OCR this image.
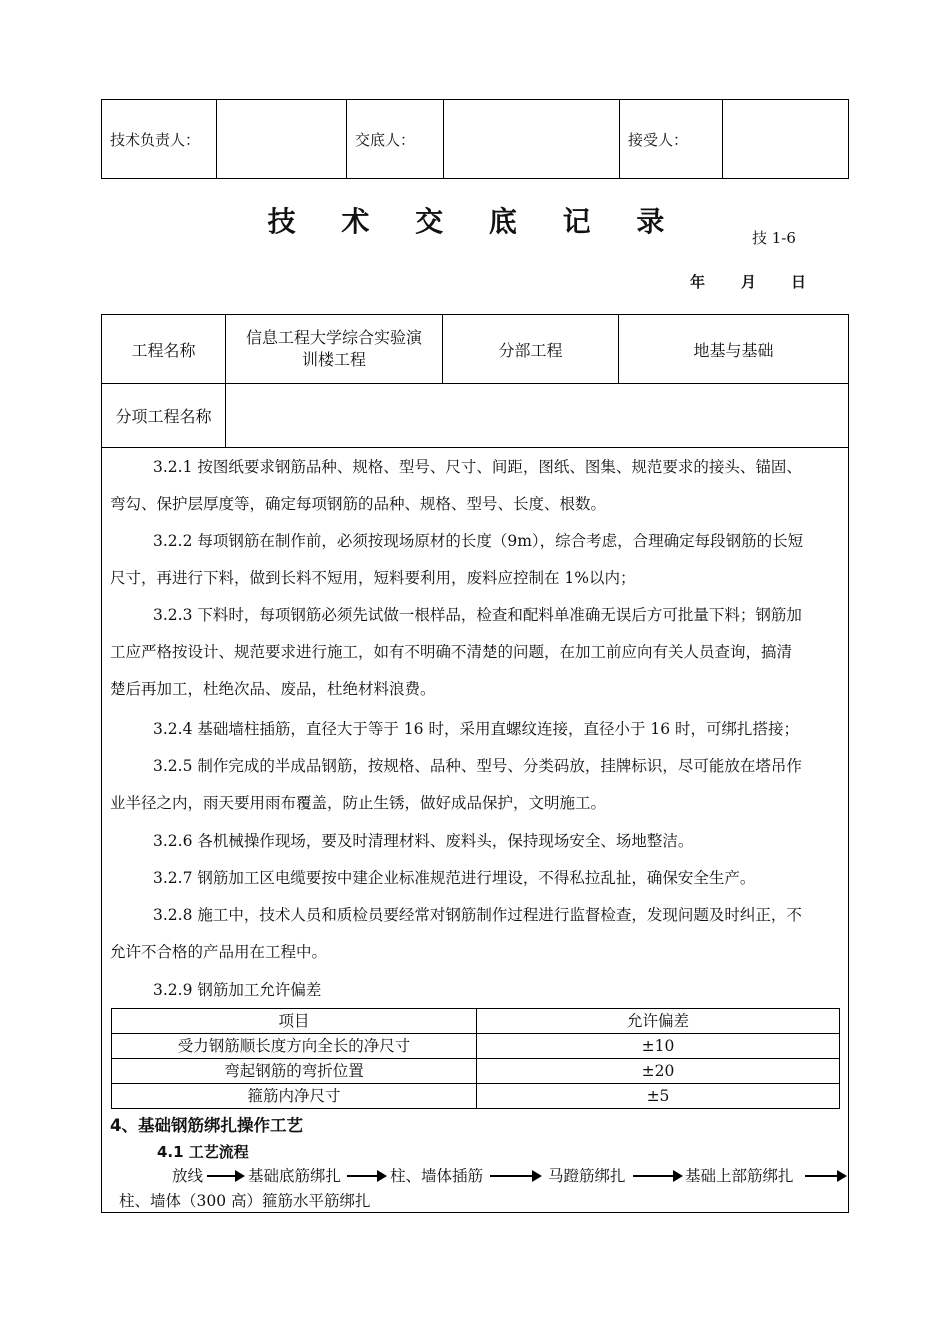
技术负责人：		交底人：		接受人：	
技 术 交 底 记 录	技 1-6
年 月 日
工程名称	信息工程大学综合实验演
训楼工程	分部工程	地基与基础
分项工程名称			
3.2.1 按图纸要求钢筋品种、规格、型号、尺寸、间距，图纸、图集、规范要求的接头、锚固、
弯勾、保护层厚度等，确定每项钢筋的品种、规格、型号、长度、根数。
3.2.2 每项钢筋在制作前，必须按现场原材的长度（9m），综合考虑，合理确定每段钢筋的长短
尺寸，再进行下料，做到长料不短用，短料要利用，废料应控制在 1%以内；
3.2.3 下料时，每项钢筋必须先试做一根样品，检查和配料单准确无误后方可批量下料；钢筋加
工应严格按设计、规范要求进行施工，如有不明确不清楚的问题，在加工前应向有关人员查询，搞清
楚后再加工，杜绝次品、废品，杜绝材料浪费。
3.2.4 基础墙柱插筋，直径大于等于 16 时，采用直螺纹连接，直径小于 16 时，可绑扎搭接；
3.2.5 制作完成的半成品钢筋，按规格、品种、型号、分类码放，挂牌标识，尽可能放在塔吊作
业半径之内，雨天要用雨布覆盖，防止生锈，做好成品保护，文明施工。
3.2.6 各机械操作现场，要及时清理材料、废料头，保持现场安全、场地整洁。
3.2.7 钢筋加工区电缆要按中建企业标准规范进行埋设，不得私拉乱扯，确保安全生产。
3.2.8 施工中，技术人员和质检员要经常对钢筋制作过程进行监督检查，发现问题及时纠正，不
允许不合格的产品用在工程中。
3.2.9 钢筋加工允许偏差
项目	允许偏差
受力钢筋顺长度方向全长的净尺寸	±10
弯起钢筋的弯折位置	±20
箍筋内净尺寸	±5
4、基础钢筋绑扎操作工艺
4.1 工艺流程
放线	基础底筋绑扎	柱、墙体插筋	马蹬筋绑扎	基础上部筋绑扎
柱、墙体（300 高）箍筋水平筋绑扎
